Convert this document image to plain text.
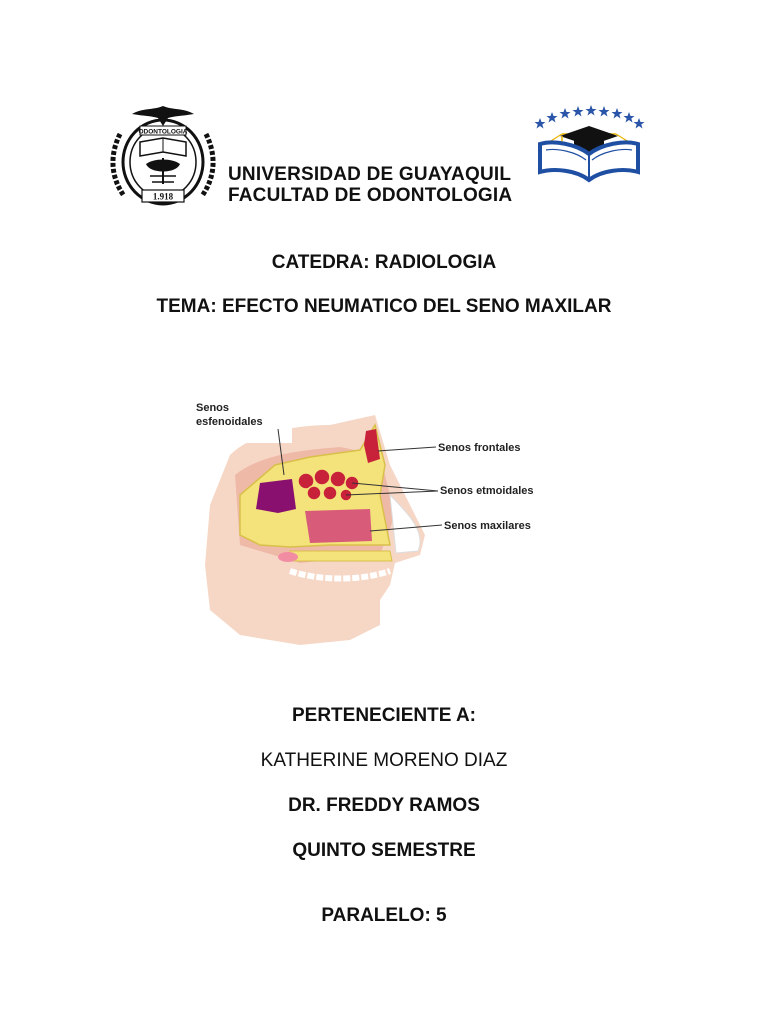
ODONTOLOGIA
1.918
UNIVERSIDAD DE GUAYAQUIL
FACULTAD DE ODONTOLOGIA
CATEDRA: RADIOLOGIA
TEMA: EFECTO NEUMATICO DEL SENO MAXILAR
Senos
esfenoidales
Senos frontales
Senos etmoidales
Senos maxilares
PERTENECIENTE A:
KATHERINE MORENO DIAZ
DR. FREDDY RAMOS
QUINTO SEMESTRE
PARALELO: 5
